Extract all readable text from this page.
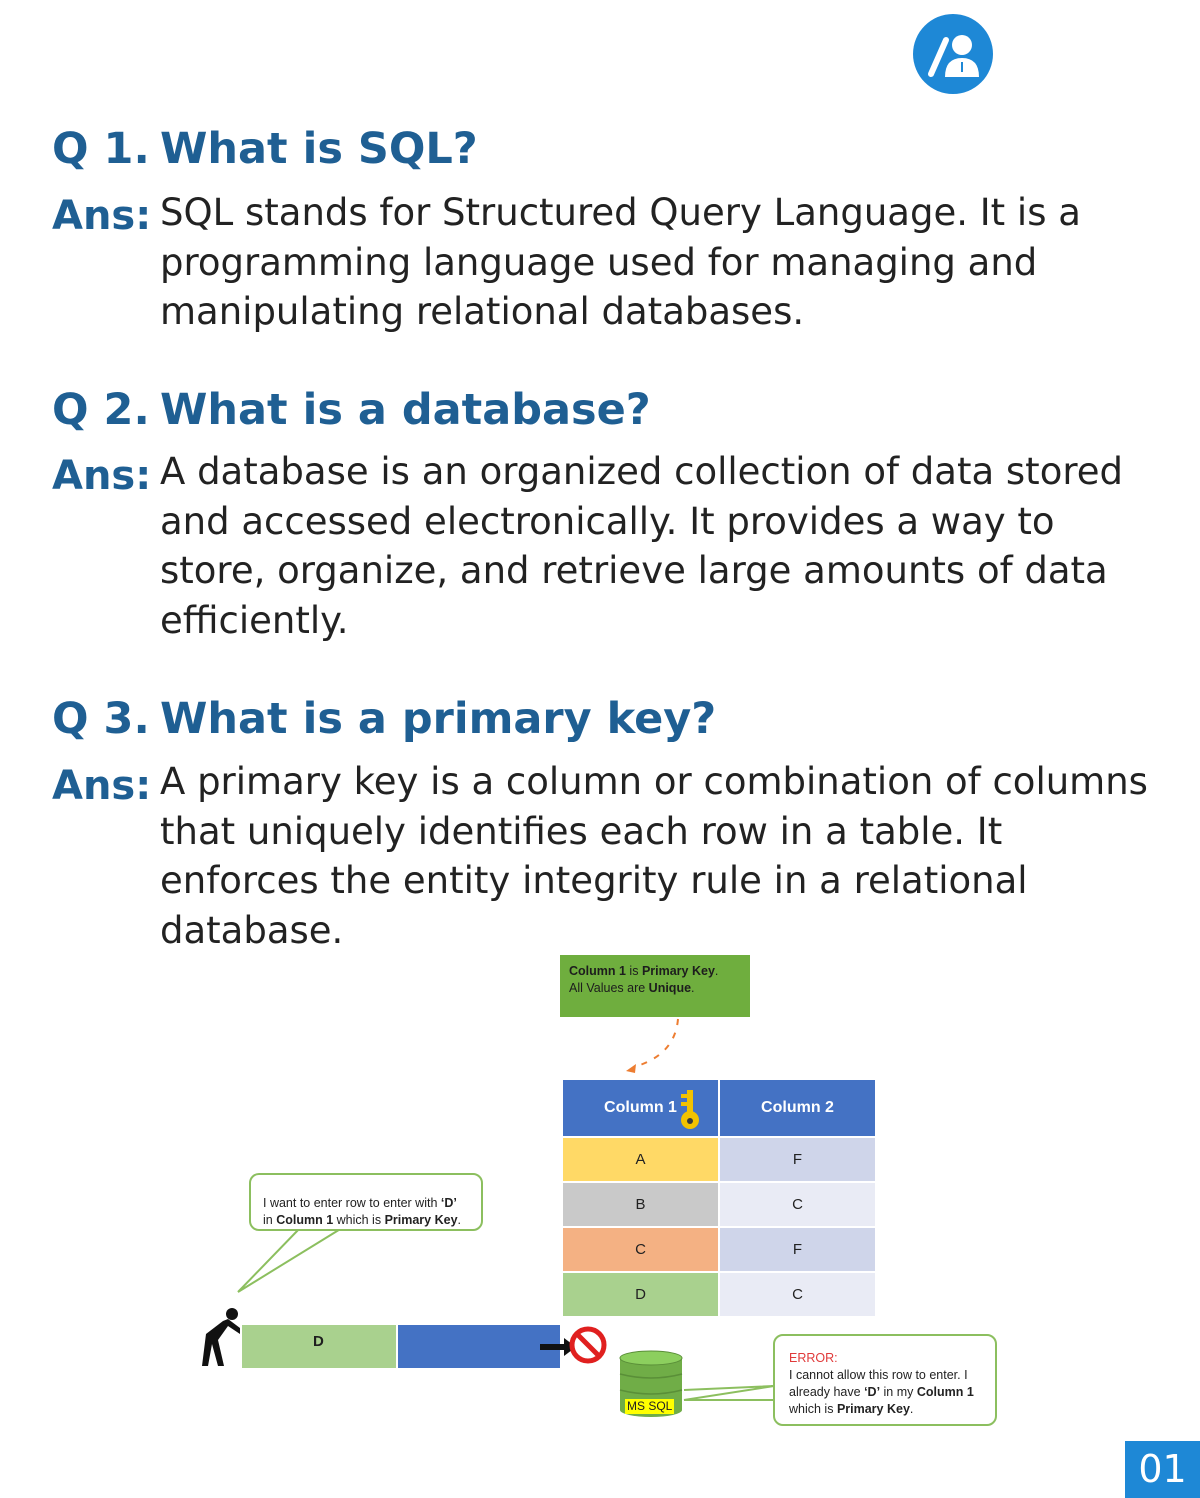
Q 1. What is SQL?
Ans: SQL stands for Structured Query Language. It is a
programming language used for managing and
manipulating relational databases.
Q 2. What is a database?
Ans: A database is an organized collection of data stored
and accessed electronically. It provides a way to
store, organize, and retrieve large amounts of data
efficiently.
Q 3. What is a primary key?
Ans: A primary key is a column or combination of columns
that uniquely identifies each row in a table. It
enforces the entity integrity rule in a relational
database.
Column 1 is Primary Key.
All Values are Unique.
Column 1	Column 2
A	F
B	C
C	F
D	C
I want to enter row to enter with ‘D’
in Column 1 which is Primary Key.
D
MS SQL
ERROR:
I cannot allow this row to enter. I
already have ‘D’ in my Column 1
which is Primary Key.
01
